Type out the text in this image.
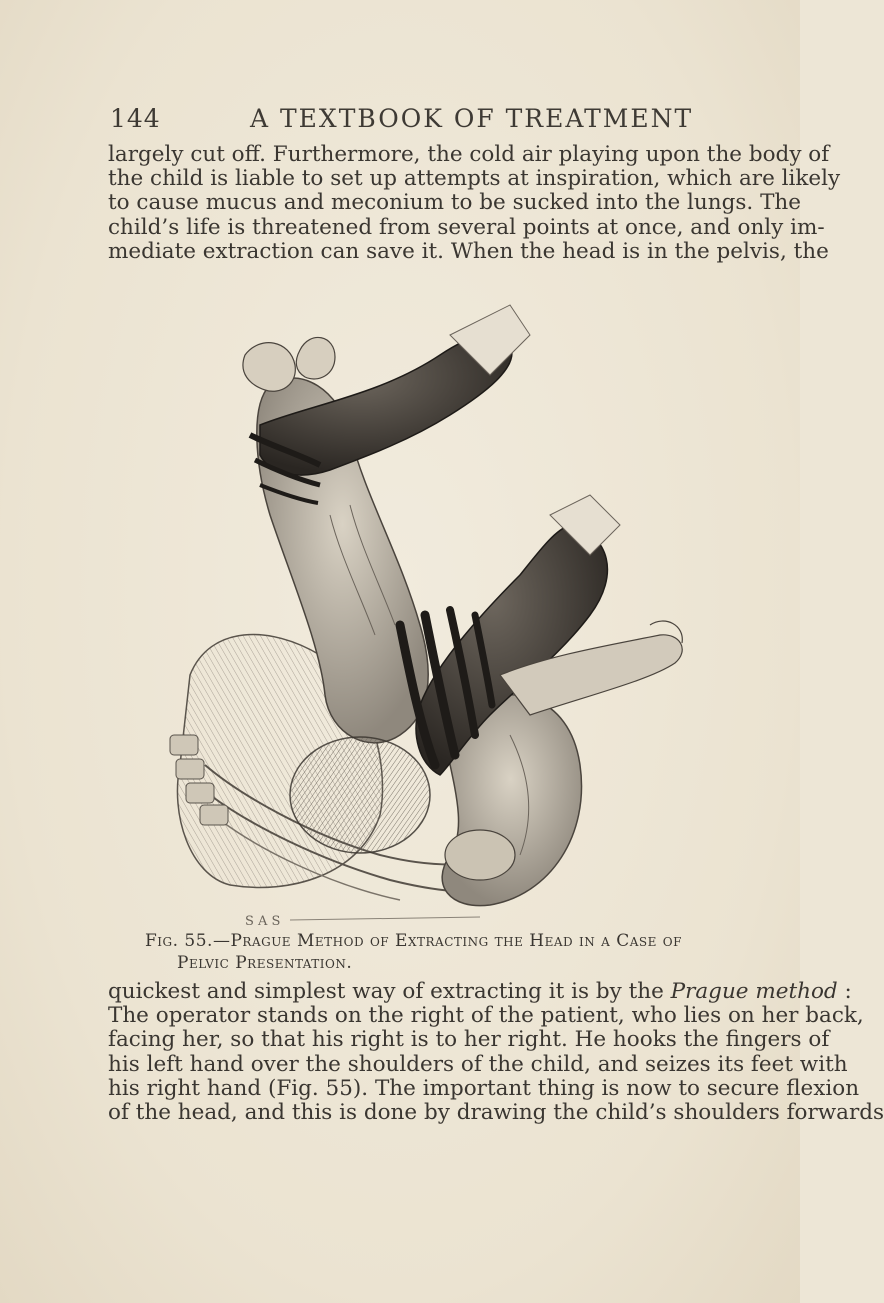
144	A TEXTBOOK OF TREATMENT

largely cut off. Furthermore, the cold air playing upon the body of
the child is liable to set up attempts at inspiration, which are likely
to cause mucus and meconium to be sucked into the lungs. The
child’s life is threatened from several points at once, and only im-
mediate extraction can save it. When the head is in the pelvis, the

S A S
Fig. 55.—Prague Method of Extracting the Head in a Case of
Pelvic Presentation.

quickest and simplest way of extracting it is by the Prague method :
The operator stands on the right of the patient, who lies on her back,
facing her, so that his right is to her right. He hooks the fingers of
his left hand over the shoulders of the child, and seizes its feet with
his right hand (Fig. 55). The important thing is now to secure flexion
of the head, and this is done by drawing the child’s shoulders forwards
